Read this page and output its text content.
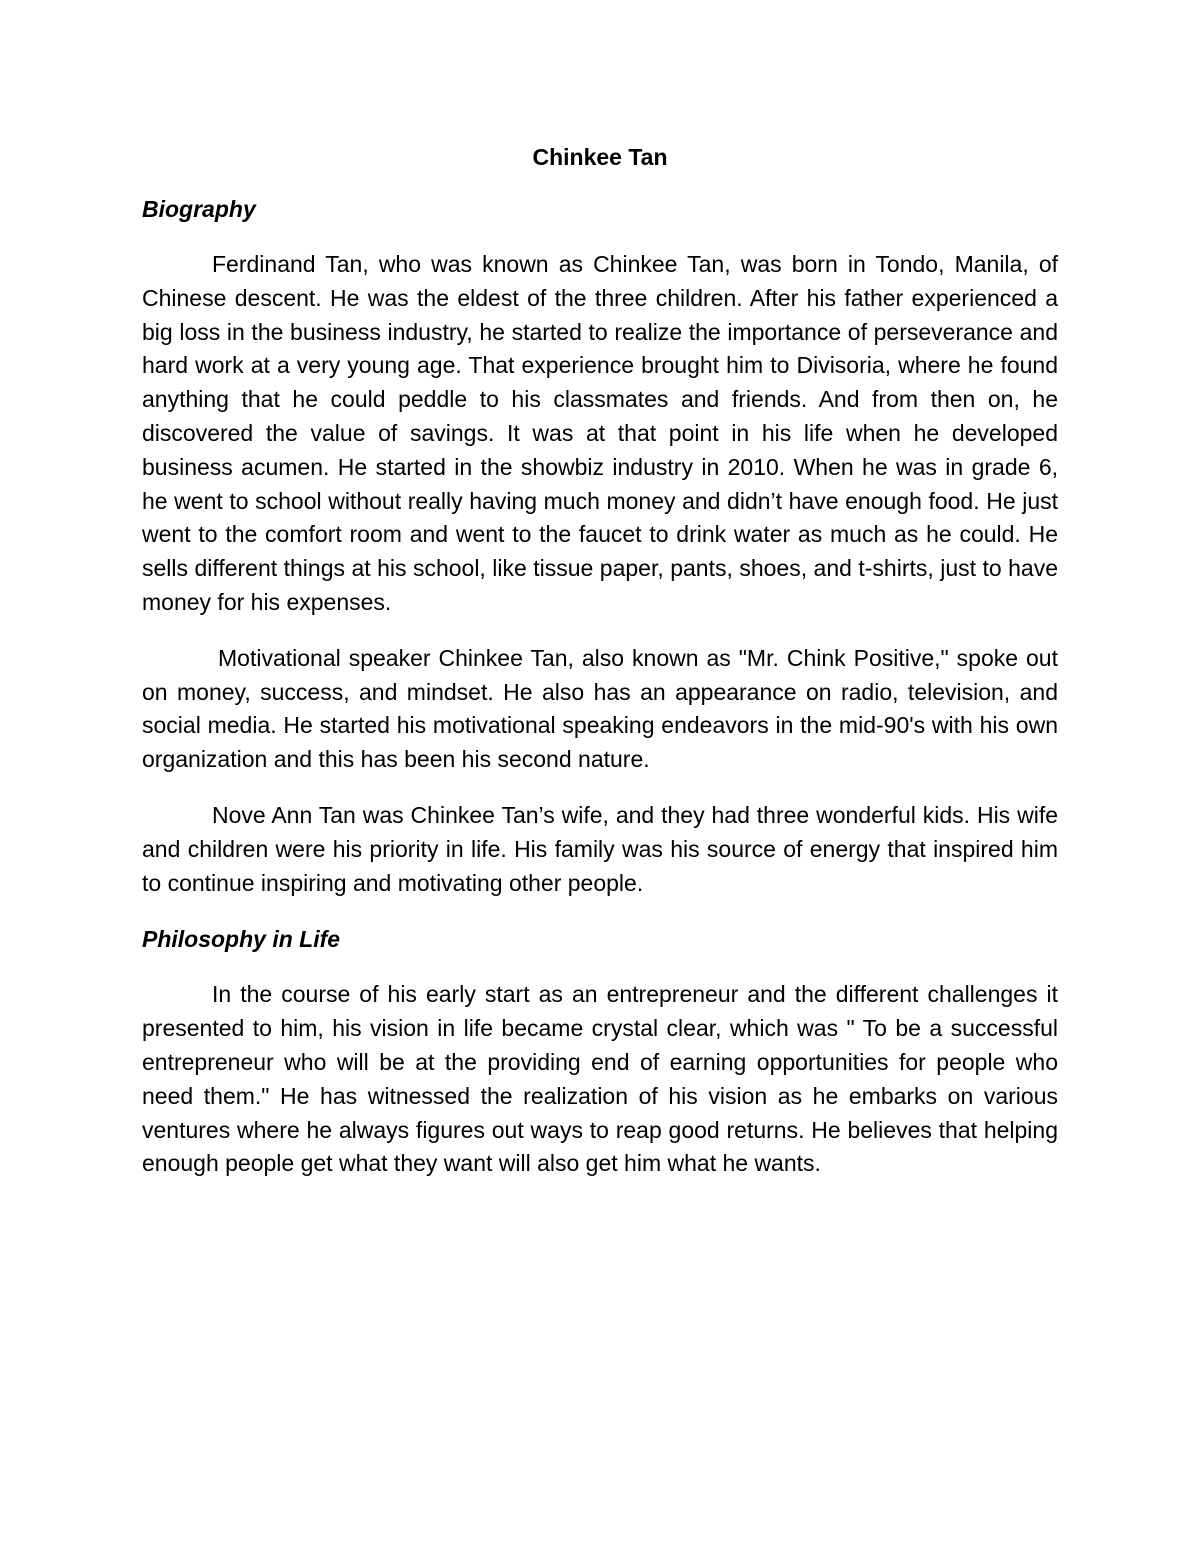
Chinkee Tan
Biography

Ferdinand Tan, who was known as Chinkee Tan, was born in Tondo, Manila, of Chinese descent. He was the eldest of the three children. After his father experienced a big loss in the business industry, he started to realize the importance of perseverance and hard work at a very young age. That experience brought him to Divisoria, where he found anything that he could peddle to his classmates and friends. And from then on, he discovered the value of savings. It was at that point in his life when he developed business acumen. He started in the showbiz industry in 2010. When he was in grade 6, he went to school without really having much money and didn’t have enough food. He just went to the comfort room and went to the faucet to drink water as much as he could. He sells different things at his school, like tissue paper, pants, shoes, and t-shirts, just to have money for his expenses.

Motivational speaker Chinkee Tan, also known as "Mr. Chink Positive," spoke out on money, success, and mindset. He also has an appearance on radio, television, and social media. He started his motivational speaking endeavors in the mid-90's with his own organization and this has been his second nature.

Nove Ann Tan was Chinkee Tan’s wife, and they had three wonderful kids. His wife and children were his priority in life. His family was his source of energy that inspired him to continue inspiring and motivating other people.

Philosophy in Life

In the course of his early start as an entrepreneur and the different challenges it presented to him, his vision in life became crystal clear, which was " To be a successful entrepreneur who will be at the providing end of earning opportunities for people who need them." He has witnessed the realization of his vision as he embarks on various ventures where he always figures out ways to reap good returns. He believes that helping enough people get what they want will also get him what he wants.
